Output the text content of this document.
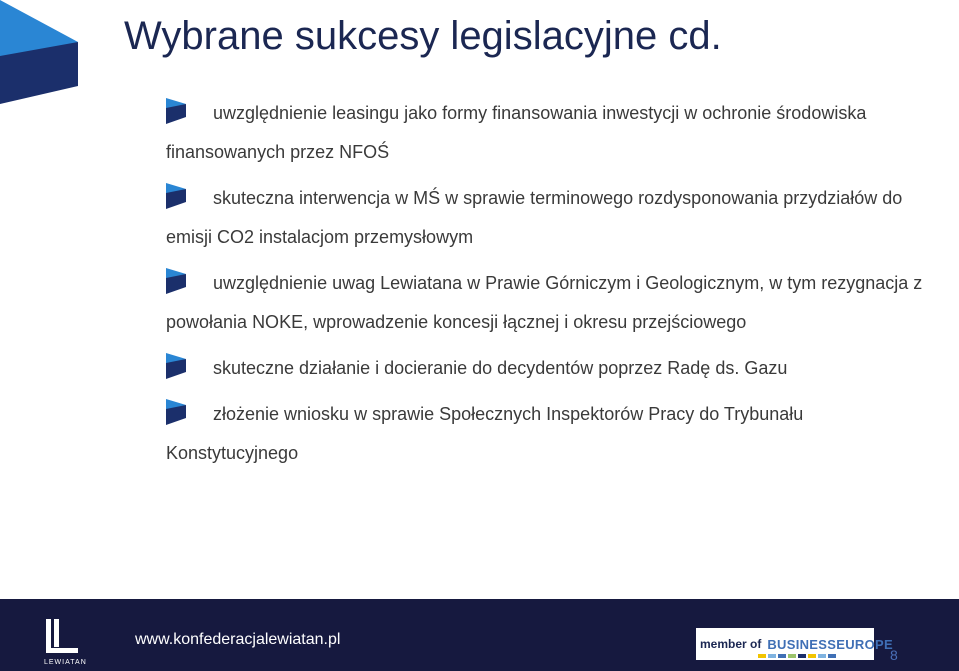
Wybrane sukcesy legislacyjne cd.
uwzględnienie leasingu jako formy finansowania inwestycji w ochronie środowiska finansowanych przez NFOŚ
skuteczna interwencja w MŚ w sprawie terminowego rozdysponowania przydziałów do emisji CO2 instalacjom przemysłowym
uwzględnienie uwag Lewiatana w Prawie Górniczym i Geologicznym, w tym rezygnacja z powołania NOKE, wprowadzenie koncesji łącznej i okresu przejściowego
skuteczne działanie i docieranie do decydentów poprzez Radę ds. Gazu
złożenie wniosku w sprawie Społecznych Inspektorów Pracy do Trybunału Konstytucyjnego
LEWIATAN
www.konfederacjalewiatan.pl	member of BUSINESSEUROPE
8
